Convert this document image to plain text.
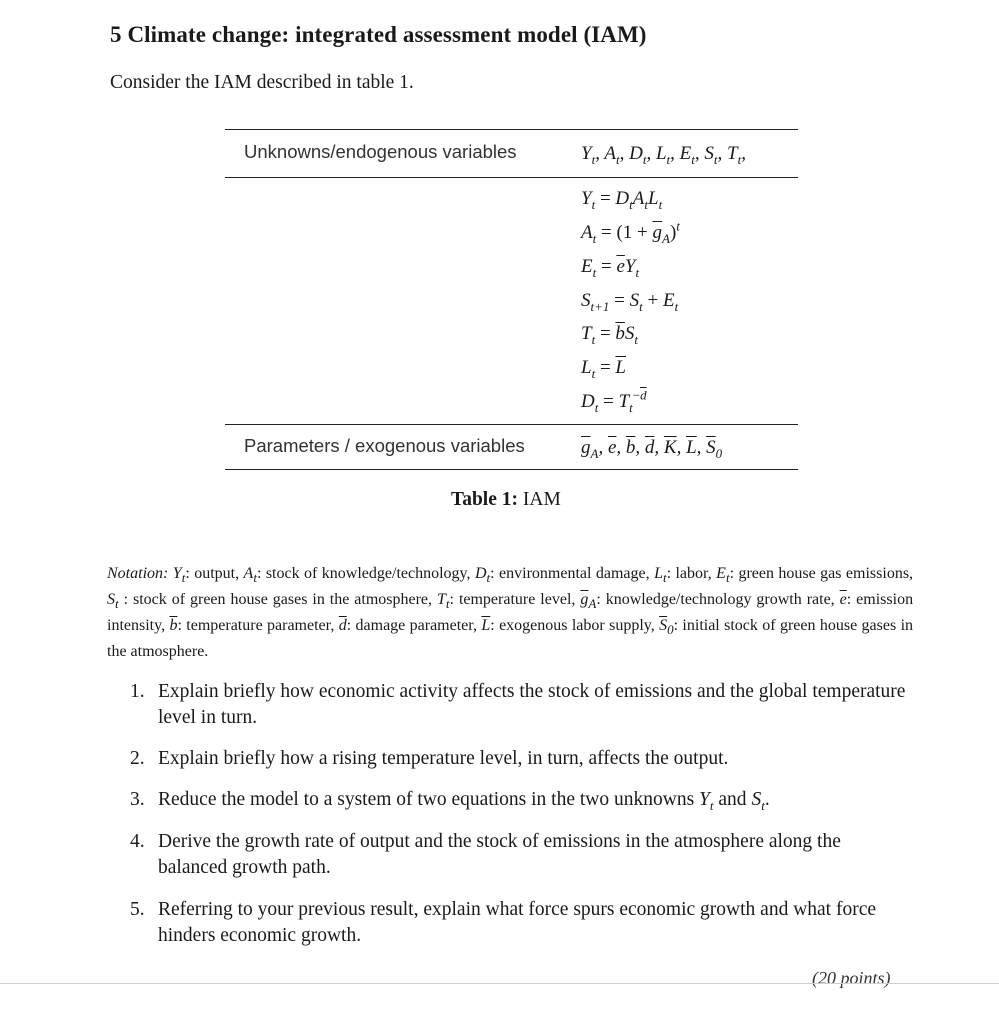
5 Climate change: integrated assessment model (IAM)

Consider the IAM described in table 1.

Unknowns/endogenous variables	$Y_t$, $A_t$, $D_t$, $L_t$, $E_t$, $S_t$, $T_t$,
$Y_t = D_tA_tL_t$
$A_t = (1 + \overline{g}_A)^t$
$E_t = \overline{e}Y_t$
$S_{t+1} = S_t + E_t$
$T_t = \overline{b}S_t$
$L_t = \overline{L}$
$D_t = T_t^{-\overline{d}}$
Parameters / exogenous variables	$\overline{g}_A$, $\overline{e}$, $\overline{b}$, $\overline{d}$, $\overline{K}$, $\overline{L}$, $\overline{S}_0$

Table 1: IAM

Notation: $Y_t$: output, $A_t$: stock of knowledge/technology, $D_t$: environmental damage, $L_t$: labor, $E_t$: green house gas emissions, $S_t$ : stock of green house gases in the atmosphere, $T_t$: temperature level, $\overline{g}_A$: knowledge/technology growth rate, $\overline{e}$: emission intensity, $\overline{b}$: temperature parameter, $\overline{d}$: damage parameter, $\overline{L}$: exogenous labor supply, $\overline{S}_0$: initial stock of green house gases in the atmosphere.

1. Explain briefly how economic activity affects the stock of emissions and the global temperature level in turn.
2. Explain briefly how a rising temperature level, in turn, affects the output.
3. Reduce the model to a system of two equations in the two unknowns $Y_t$ and $S_t$.
4. Derive the growth rate of output and the stock of emissions in the atmosphere along the balanced growth path.
5. Referring to your previous result, explain what force spurs economic growth and what force hinders economic growth.
(20 points)
